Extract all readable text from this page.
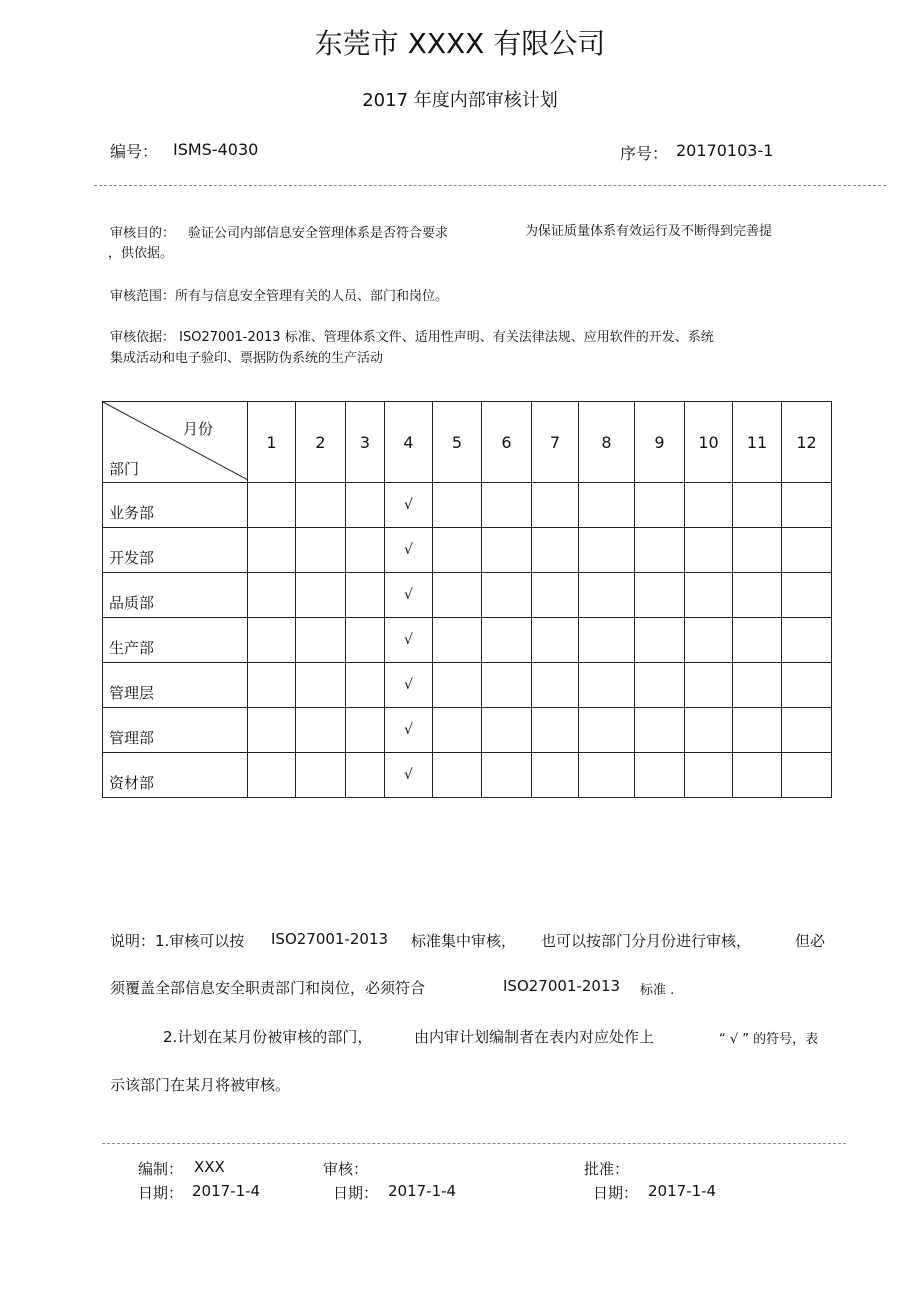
东莞市 XXXX 有限公司
2017 年度内部审核计划
编号： ISMS-4030	序号： 20170103-1
审核目的： 验证公司内部信息安全管理体系是否符合要求	为保证质量体系有效运行及不断得到完善提
，供依据。
审核范围：所有与信息安全管理有关的人员、部门和岗位。
审核依据： ISO27001-2013 标准、管理体系文件、适用性声明、有关法律法规、应用软件的开发、系统
集成活动和电子验印、票据防伪系统的生产活动
月份
部门	1	2	3	4	5	6	7	8	9	10	11	12
业务部				√								
开发部				√								
品质部				√								
生产部				√								
管理层				√								
管理部				√								
资材部				√								
说明：1.审核可以按 ISO27001-2013 标准集中审核， 也可以按部门分月份进行审核，	但必
须覆盖全部信息安全职责部门和岗位，必须符合	ISO27001-2013 标准 .
2.计划在某月份被审核的部门，	由内审计划编制者在表内对应处作上	“ √ ” 的符号，表
示该部门在某月将被审核。
编制： XXX	审核：	批准：
日期： 2017-1-4	日期： 2017-1-4	日期： 2017-1-4
